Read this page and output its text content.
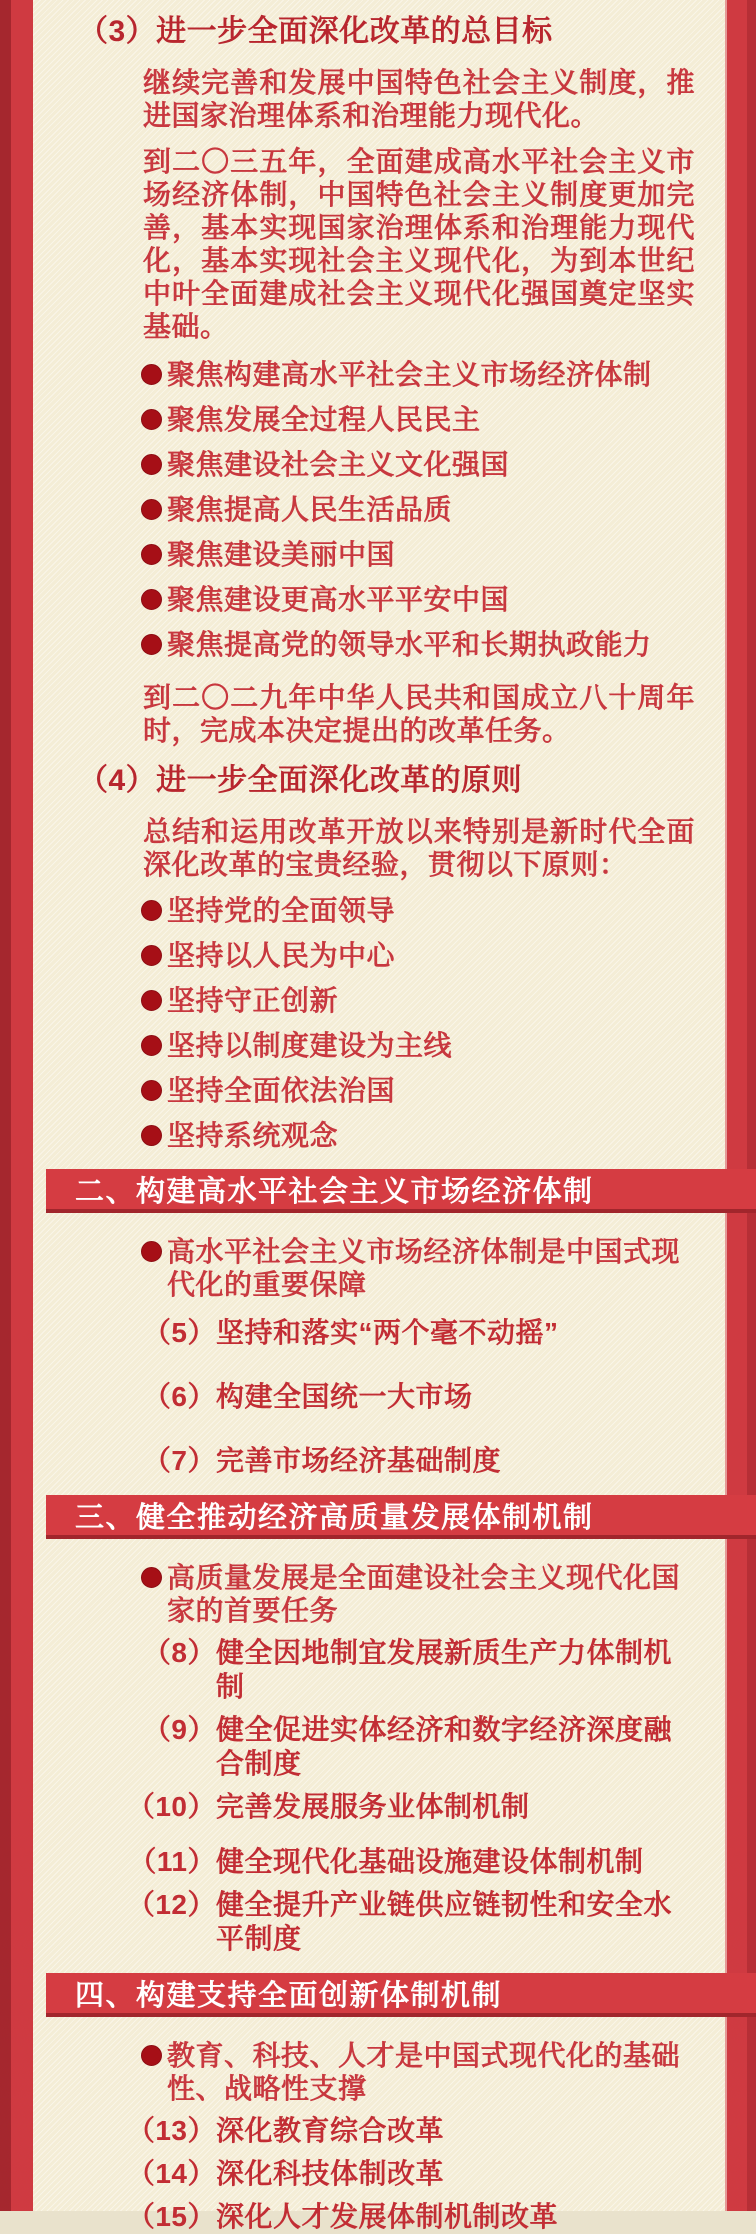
（3）进一步全面深化改革的总目标

继续完善和发展中国特色社会主义制度，推进国家治理体系和治理能力现代化。

到二〇三五年，全面建成高水平社会主义市场经济体制，中国特色社会主义制度更加完善，基本实现国家治理体系和治理能力现代化，基本实现社会主义现代化，为到本世纪中叶全面建成社会主义现代化强国奠定坚实基础。

聚焦构建高水平社会主义市场经济体制
聚焦发展全过程人民民主
聚焦建设社会主义文化强国
聚焦提高人民生活品质
聚焦建设美丽中国
聚焦建设更高水平平安中国
聚焦提高党的领导水平和长期执政能力

到二〇二九年中华人民共和国成立八十周年时，完成本决定提出的改革任务。

（4）进一步全面深化改革的原则

总结和运用改革开放以来特别是新时代全面深化改革的宝贵经验，贯彻以下原则：

坚持党的全面领导
坚持以人民为中心
坚持守正创新
坚持以制度建设为主线
坚持全面依法治国
坚持系统观念
二、构建高水平社会主义市场经济体制
高水平社会主义市场经济体制是中国式现代化的重要保障
（5） 坚持和落实“两个毫不动摇”
（6） 构建全国统一大市场
（7） 完善市场经济基础制度
三、健全推动经济高质量发展体制机制
高质量发展是全面建设社会主义现代化国家的首要任务
（8） 健全因地制宜发展新质生产力体制机制
（9） 健全促进实体经济和数字经济深度融合制度
（10） 完善发展服务业体制机制
（11） 健全现代化基础设施建设体制机制
（12） 健全提升产业链供应链韧性和安全水平制度
四、构建支持全面创新体制机制
教育、科技、人才是中国式现代化的基础性、战略性支撑
（13） 深化教育综合改革
（14） 深化科技体制改革
（15） 深化人才发展体制机制改革
